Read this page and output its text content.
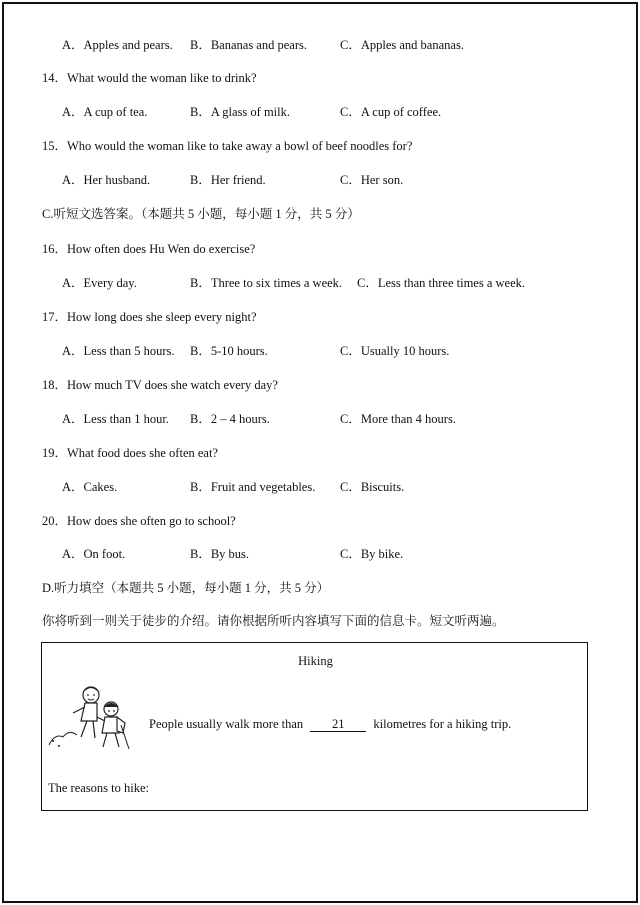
A．Apples and pears. B．Bananas and pears.	C．Apples and bananas.
14．What would the woman like to drink?
A．A cup of tea.	B．A glass of milk.	C．A cup of coffee.
15．Who would the woman like to take away a bowl of beef noodles for?
A．Her husband.	B．Her friend.	C．Her son.
C.听短文选答案。（本题共 5 小题，每小题 1 分，共 5 分）
16．How often does Hu Wen do exercise?
A．Every day.	B．Three to six times a week. C．Less than three times a week.
17．How long does she sleep every night?
A．Less than 5 hours. B．5-10 hours.	C．Usually 10 hours.
18．How much TV does she watch every day?
A．Less than 1 hour. B．2 – 4 hours.	C．More than 4 hours.
19．What food does she often eat?
A．Cakes.	B．Fruit and vegetables. C．Biscuits.
20．How does she often go to school?
A．On foot.	B．By bus.	C．By bike.
D.听力填空（本题共 5 小题，每小题 1 分，共 5 分）
你将听到一则关于徒步的介绍。请你根据所听内容填写下面的信息卡。短文听两遍。
Hiking
People usually walk more than 21 kilometres for a hiking trip.
The reasons to hike:
